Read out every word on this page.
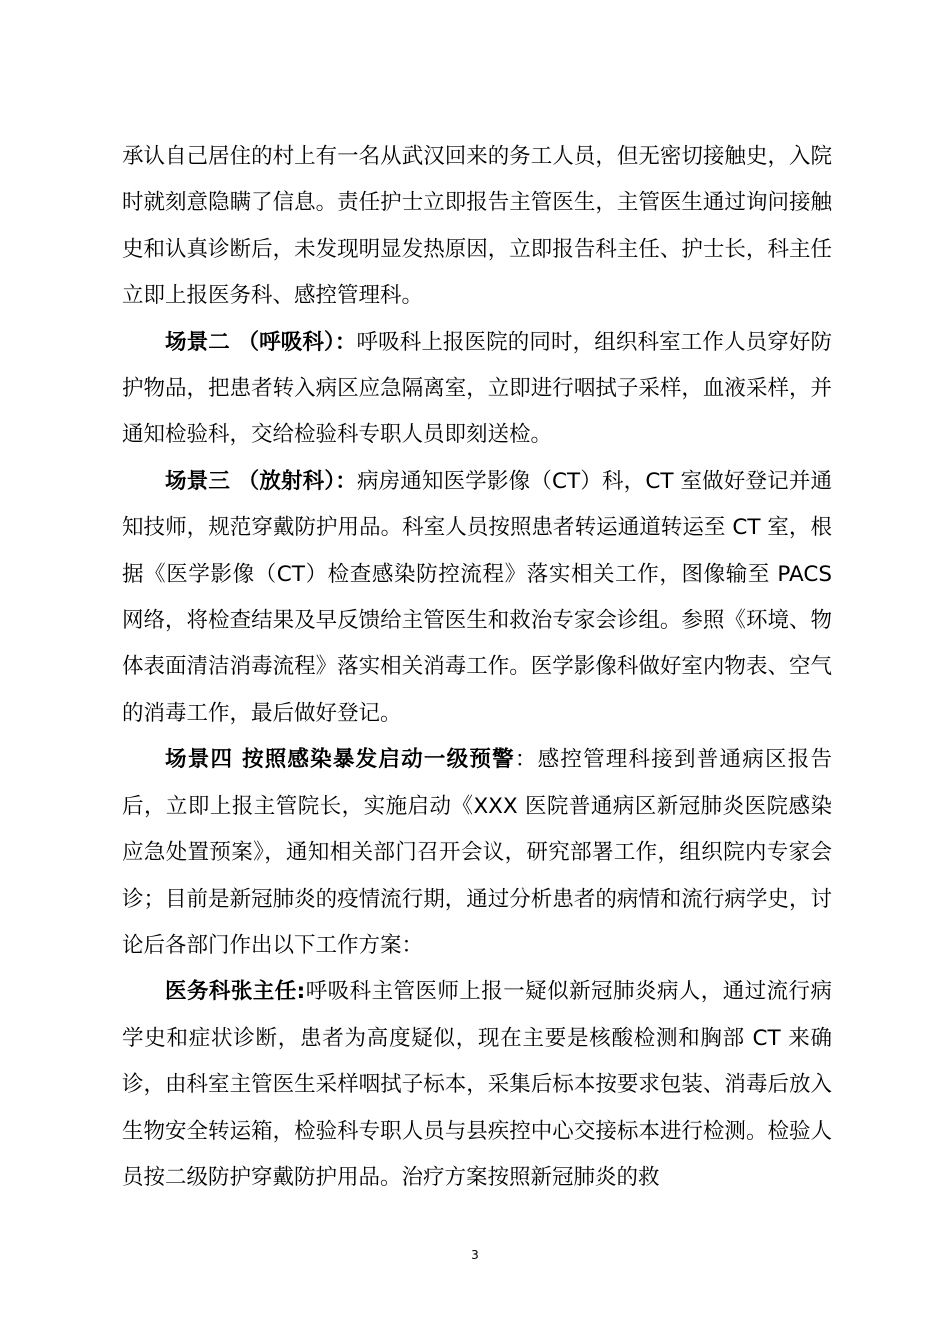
承认自己居住的村上有一名从武汉回来的务工人员，但无密切接触史，入院时就刻意隐瞒了信息。责任护士立即报告主管医生，主管医生通过询问接触史和认真诊断后，未发现明显发热原因，立即报告科主任、护士长，科主任立即上报医务科、感控管理科。

场景二 （呼吸科）：呼吸科上报医院的同时，组织科室工作人员穿好防护物品，把患者转入病区应急隔离室，立即进行咽拭子采样，血液采样，并通知检验科，交给检验科专职人员即刻送检。

场景三 （放射科）：病房通知医学影像（CT）科，CT 室做好登记并通知技师，规范穿戴防护用品。科室人员按照患者转运通道转运至 CT 室，根据《医学影像（CT）检查感染防控流程》落实相关工作，图像输至 PACS 网络，将检查结果及早反馈给主管医生和救治专家会诊组。参照《环境、物体表面清洁消毒流程》落实相关消毒工作。医学影像科做好室内物表、空气的消毒工作，最后做好登记。

场景四 按照感染暴发启动一级预警：感控管理科接到普通病区报告后，立即上报主管院长，实施启动《XXX 医院普通病区新冠肺炎医院感染应急处置预案》，通知相关部门召开会议，研究部署工作，组织院内专家会诊；目前是新冠肺炎的疫情流行期，通过分析患者的病情和流行病学史，讨论后各部门作出以下工作方案：

医务科张主任:呼吸科主管医师上报一疑似新冠肺炎病人，通过流行病学史和症状诊断，患者为高度疑似，现在主要是核酸检测和胸部 CT 来确诊，由科室主管医生采样咽拭子标本，采集后标本按要求包装、消毒后放入生物安全转运箱，检验科专职人员与县疾控中心交接标本进行检测。检验人员按二级防护穿戴防护用品。治疗方案按照新冠肺炎的救

3
